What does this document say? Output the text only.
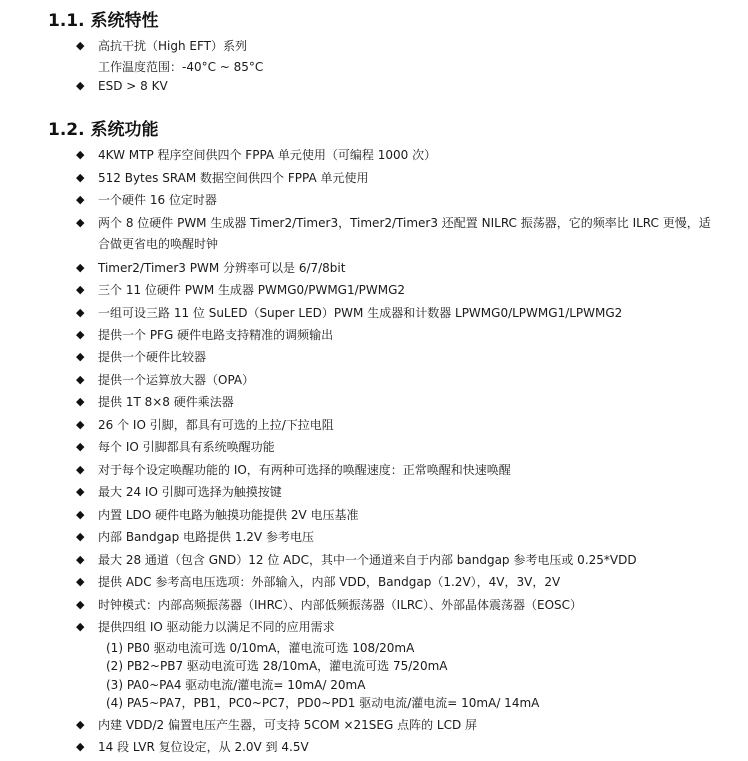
1.1. 系统特性
◆ 高抗干扰（High EFT）系列
工作温度范围：-40°C ~ 85°C
◆ ESD > 8 KV
1.2. 系统功能
◆ 4KW MTP 程序空间供四个 FPPA 单元使用（可编程 1000 次）
◆ 512 Bytes SRAM 数据空间供四个 FPPA 单元使用
◆ 一个硬件 16 位定时器
◆ 两个 8 位硬件 PWM 生成器 Timer2/Timer3，Timer2/Timer3 还配置 NILRC 振荡器，它的频率比 ILRC 更慢，适
合做更省电的唤醒时钟
◆ Timer2/Timer3 PWM 分辨率可以是 6/7/8bit
◆ 三个 11 位硬件 PWM 生成器 PWMG0/PWMG1/PWMG2
◆ 一组可设三路 11 位 SuLED（Super LED）PWM 生成器和计数器 LPWMG0/LPWMG1/LPWMG2
◆ 提供一个 PFG 硬件电路支持精准的调频输出
◆ 提供一个硬件比较器
◆ 提供一个运算放大器（OPA）
◆ 提供 1T 8×8 硬件乘法器
◆ 26 个 IO 引脚，都具有可选的上拉/下拉电阻
◆ 每个 IO 引脚都具有系统唤醒功能
◆ 对于每个设定唤醒功能的 IO，有两种可选择的唤醒速度：正常唤醒和快速唤醒
◆ 最大 24 IO 引脚可选择为触摸按键
◆ 内置 LDO 硬件电路为触摸功能提供 2V 电压基准
◆ 内部 Bandgap 电路提供 1.2V 参考电压
◆ 最大 28 通道（包含 GND）12 位 ADC，其中一个通道来自于内部 bandgap 参考电压或 0.25*VDD
◆ 提供 ADC 参考高电压选项：外部输入，内部 VDD，Bandgap（1.2V），4V，3V，2V
◆ 时钟模式：内部高频振荡器（IHRC）、内部低频振荡器（ILRC）、外部晶体震荡器（EOSC）
◆ 提供四组 IO 驱动能力以满足不同的应用需求
(1) PB0 驱动电流可选 0/10mA，灌电流可选 108/20mA
(2) PB2~PB7 驱动电流可选 28/10mA，灌电流可选 75/20mA
(3) PA0~PA4 驱动电流/灌电流= 10mA/ 20mA
(4) PA5~PA7，PB1，PC0~PC7，PD0~PD1 驱动电流/灌电流= 10mA/ 14mA
◆ 内建 VDD/2 偏置电压产生器，可支持 5COM ×21SEG 点阵的 LCD 屏
◆ 14 段 LVR 复位设定，从 2.0V 到 4.5V
